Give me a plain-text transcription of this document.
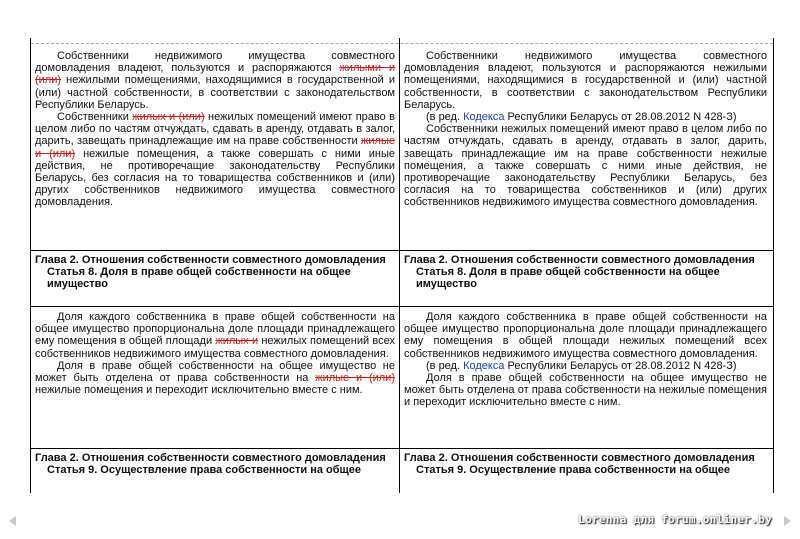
Собственники недвижимого имущества совместного домовладения владеют, пользуются и распоряжаются жилыми и (или) нежилыми помещениями, находящимися в государственной и (или) частной собственности, в соответствии с законодательством Республики Беларусь.

Собственники жилых и (или) нежилых помещений имеют право в целом либо по частям отчуждать, сдавать в аренду, отдавать в залог, дарить, завещать принадлежащие им на праве собственности жилые и (или) нежилые помещения, а также совершать с ними иные действия, не противоречащие законодательству Республики Беларусь, без согласия на то товарищества собственников и (или) других собственников недвижимого имущества совместного домовладения.

Собственники недвижимого имущества совместного домовладения владеют, пользуются и распоряжаются нежилыми помещениями, находящимися в государственной и (или) частной собственности, в соответствии с законодательством Республики Беларусь.

(в ред. Кодекса Республики Беларусь от 28.08.2012 N 428-З)

Собственники нежилых помещений имеют право в целом либо по частям отчуждать, сдавать в аренду, отдавать в залог, дарить, завещать принадлежащие им на праве собственности нежилые помещения, а также совершать с ними иные действия, не противоречащие законодательству Республики Беларусь, без согласия на то товарищества собственников и (или) других собственников недвижимого имущества совместного домовладения.

Глава 2. Отношения собственности совместного домовладения
Статья 8. Доля в праве общей собственности на общее имущество
Глава 2. Отношения собственности совместного домовладения
Статья 8. Доля в праве общей собственности на общее имущество

Доля каждого собственника в праве общей собственности на общее имущество пропорциональна доле площади принадлежащего ему помещения в общей площади жилых и нежилых помещений всех собственников недвижимого имущества совместного домовладения.

Доля в праве общей собственности на общее имущество не может быть отделена от права собственности на жилые и (или) нежилые помещения и переходит исключительно вместе с ним.

Доля каждого собственника в праве общей собственности на общее имущество пропорциональна доле площади принадлежащего ему помещения в общей площади нежилых помещений всех собственников недвижимого имущества совместного домовладения.

(в ред. Кодекса Республики Беларусь от 28.08.2012 N 428-З)

Доля в праве общей собственности на общее имущество не может быть отделена от права собственности на нежилые помещения и переходит исключительно вместе с ним.

Глава 2. Отношения собственности совместного домовладения
Статья 9. Осуществление права собственности на общее
Глава 2. Отношения собственности совместного домовладения
Статья 9. Осуществление права собственности на общее
Lorenna для forum.onliner.by
